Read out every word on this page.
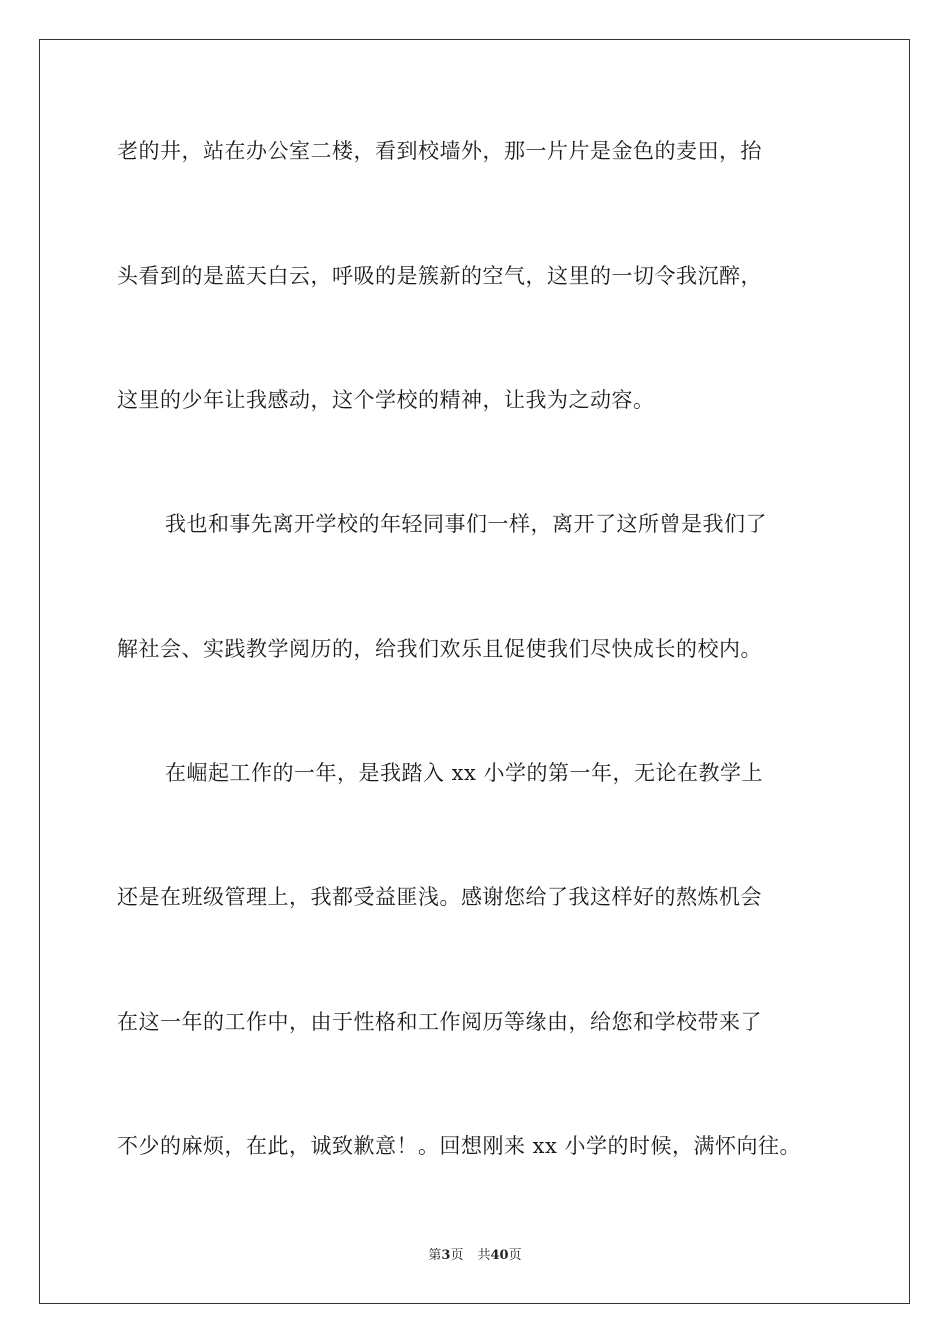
老的井，站在办公室二楼，看到校墙外，那一片片是金色的麦田，抬
头看到的是蓝天白云，呼吸的是簇新的空气，这里的一切令我沉醉，
这里的少年让我感动，这个学校的精神，让我为之动容。
我也和事先离开学校的年轻同事们一样，离开了这所曾是我们了
解社会、实践教学阅历的，给我们欢乐且促使我们尽快成长的校内。
在崛起工作的一年，是我踏入 xx 小学的第一年，无论在教学上
还是在班级管理上，我都受益匪浅。感谢您给了我这样好的熬炼机会
在这一年的工作中，由于性格和工作阅历等缘由，给您和学校带来了
不少的麻烦，在此，诚致歉意！。回想刚来 xx 小学的时候，满怀向往。
第3页 共40页
